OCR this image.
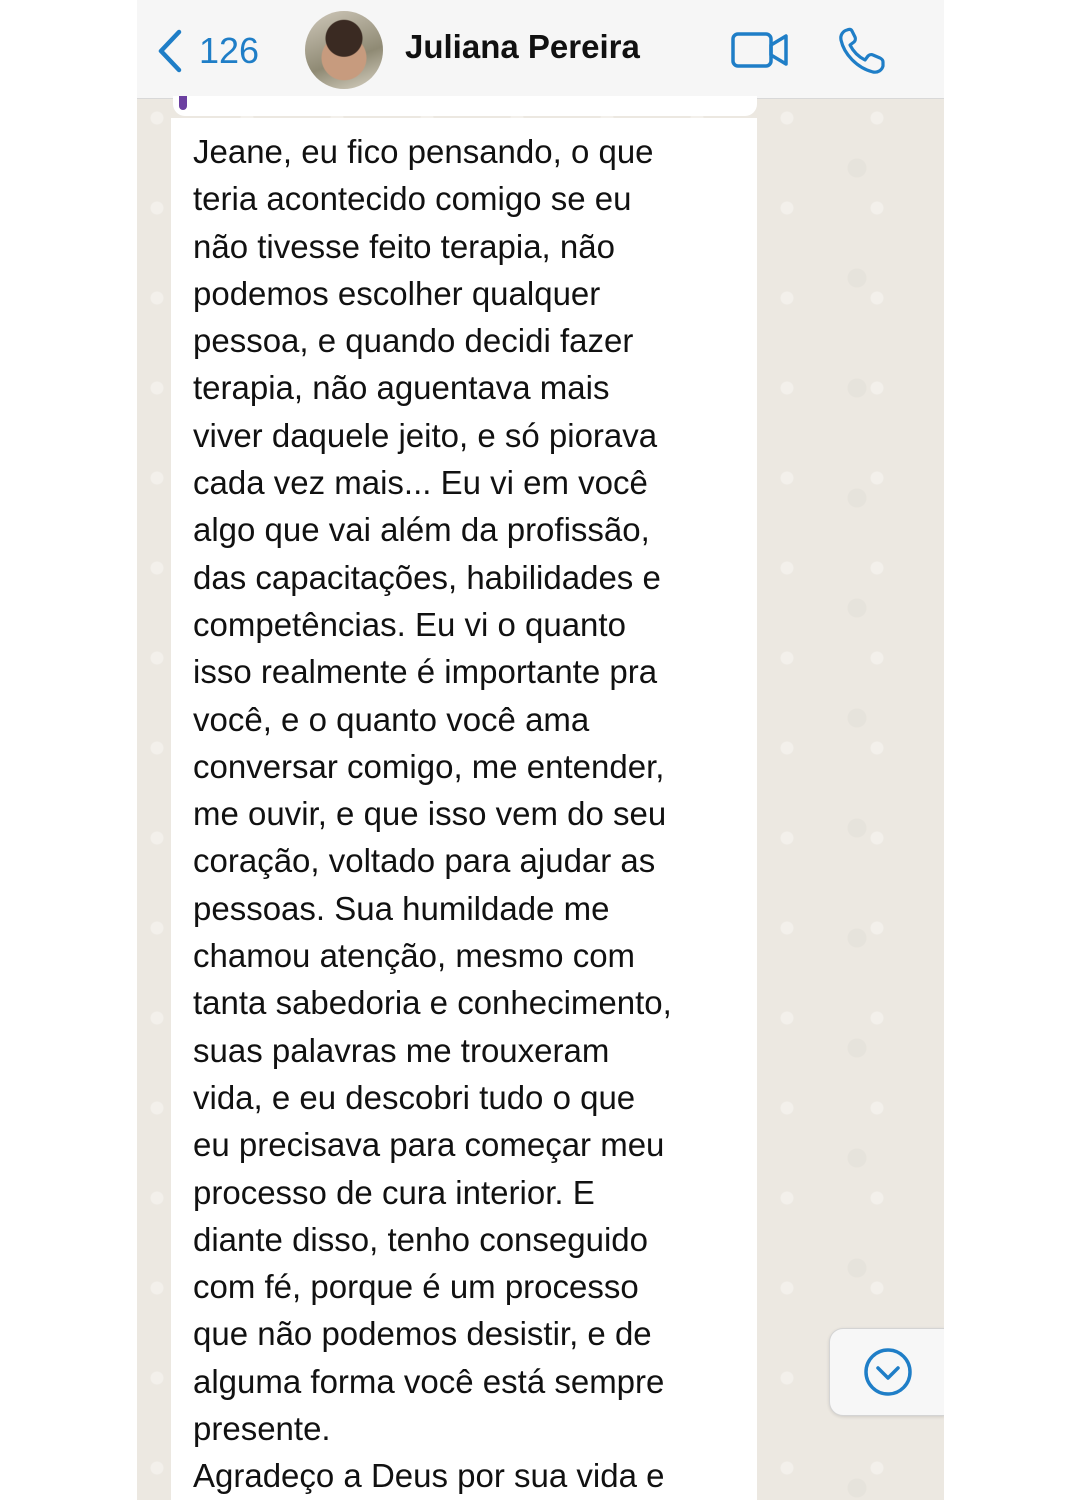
126	Juliana Pereira
Jeane, eu fico pensando, o que
teria acontecido comigo se eu
não tivesse feito terapia, não
podemos escolher qualquer
pessoa, e quando decidi fazer
terapia, não aguentava mais
viver daquele jeito, e só piorava
cada vez mais... Eu vi em você
algo que vai além da profissão,
das capacitações, habilidades e
competências. Eu vi o quanto
isso realmente é importante pra
você, e o quanto você ama
conversar comigo, me entender,
me ouvir, e que isso vem do seu
coração, voltado para ajudar as
pessoas. Sua humildade me
chamou atenção, mesmo com
tanta sabedoria e conhecimento,
suas palavras me trouxeram
vida, e eu descobri tudo o que
eu precisava para começar meu
processo de cura interior. E
diante disso, tenho conseguido
com fé, porque é um processo
que não podemos desistir, e de
alguma forma você está sempre
presente.
Agradeço a Deus por sua vida e
